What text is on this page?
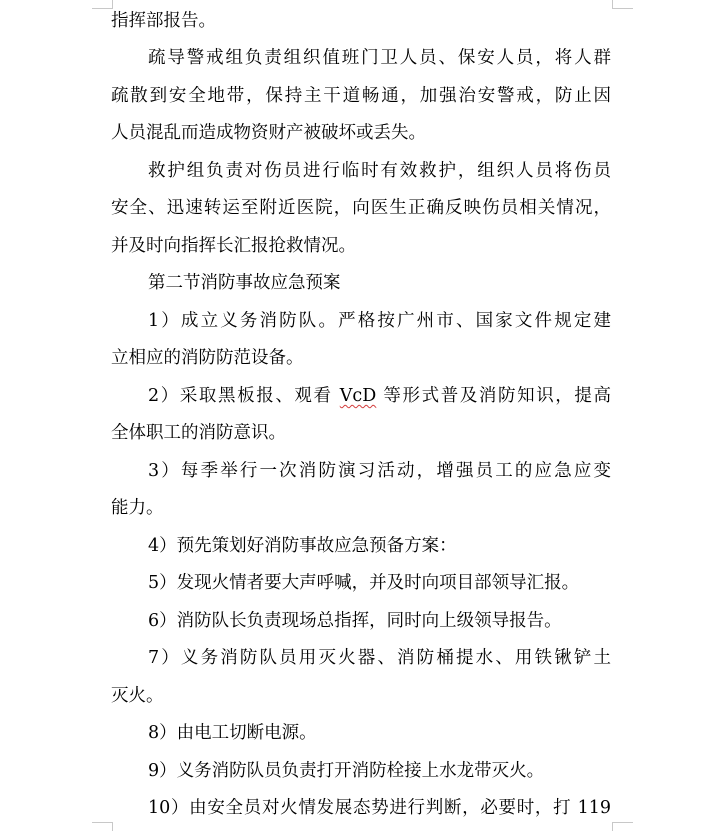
指挥部报告。
疏导警戒组负责组织值班门卫人员、保安人员，将人群
疏散到安全地带，保持主干道畅通，加强治安警戒，防止因
人员混乱而造成物资财产被破坏或丢失。
救护组负责对伤员进行临时有效救护，组织人员将伤员
安全、迅速转运至附近医院，向医生正确反映伤员相关情况，
并及时向指挥长汇报抢救情况。
第二节消防事故应急预案
1）成立义务消防队。严格按广州市、国家文件规定建
立相应的消防防范设备。
2）采取黑板报、观看 VcD 等形式普及消防知识，提高
全体职工的消防意识。
3）每季举行一次消防演习活动，增强员工的应急应变
能力。
4）预先策划好消防事故应急预备方案：
5）发现火情者要大声呼喊，并及时向项目部领导汇报。
6）消防队长负责现场总指挥，同时向上级领导报告。
7）义务消防队员用灭火器、消防桶提水、用铁锹铲土
灭火。
8）由电工切断电源。
9）义务消防队员负责打开消防栓接上水龙带灭火。
10）由安全员对火情发展态势进行判断，必要时，打 119
